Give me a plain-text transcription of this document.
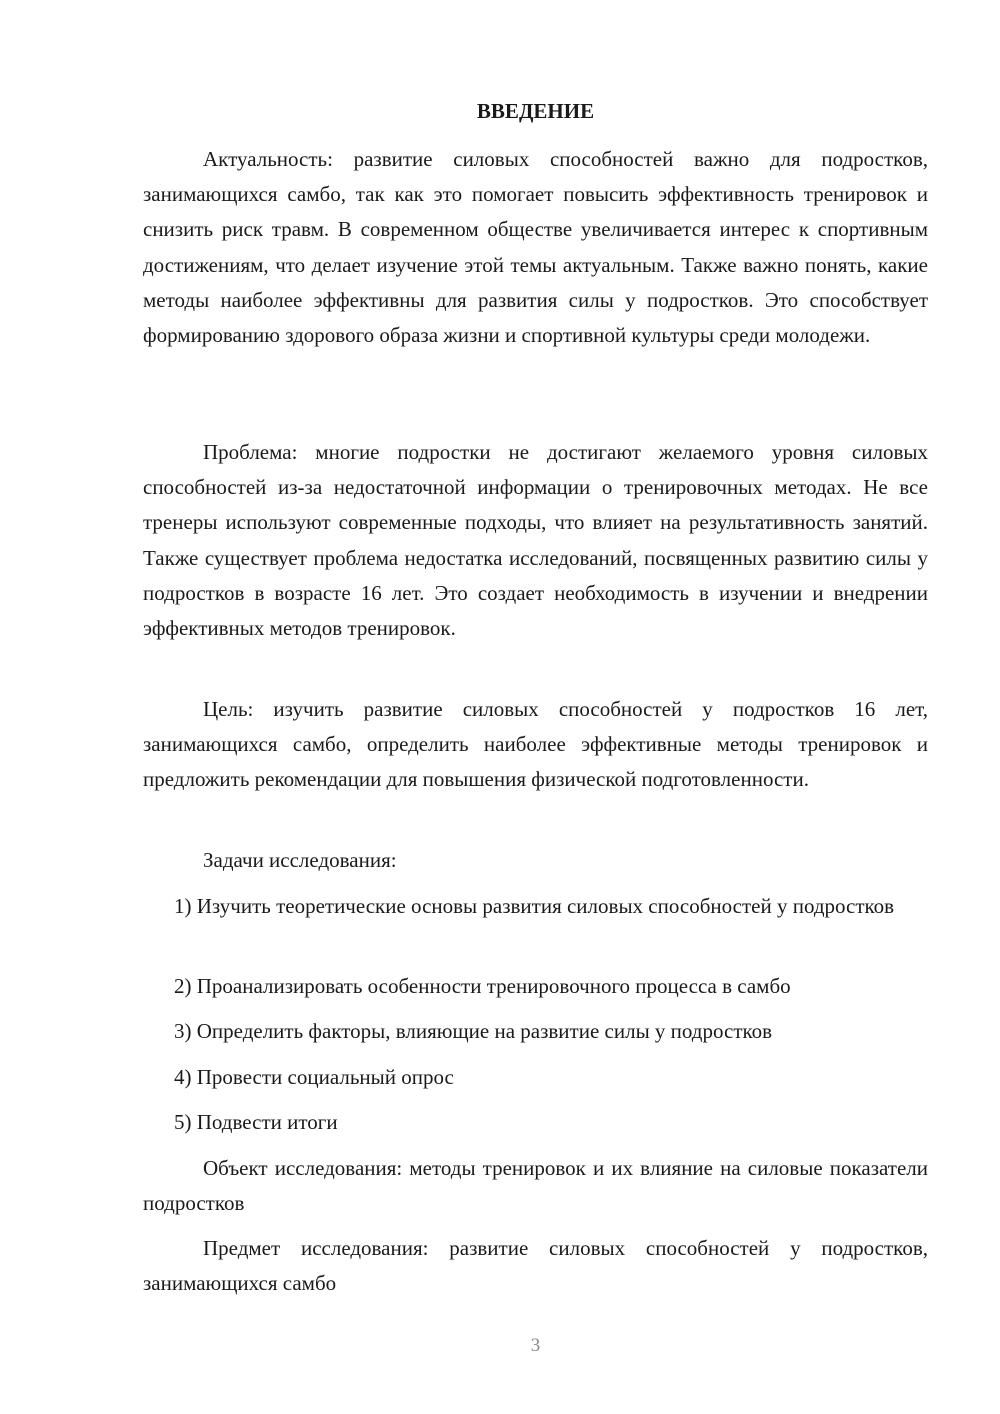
ВВЕДЕНИЕ

Актуальность: развитие силовых способностей важно для подростков, занимающихся самбо, так как это помогает повысить эффективность тренировок и снизить риск травм. В современном обществе увеличивается интерес к спортивным достижениям, что делает изучение этой темы актуальным. Также важно понять, какие методы наиболее эффективны для развития силы у подростков. Это способствует формированию здорового образа жизни и спортивной культуры среди молодежи.

Проблема: многие подростки не достигают желаемого уровня силовых способностей из-за недостаточной информации о тренировочных методах. Не все тренеры используют современные подходы, что влияет на результативность занятий. Также существует проблема недостатка исследований, посвященных развитию силы у подростков в возрасте 16 лет. Это создает необходимость в изучении и внедрении эффективных методов тренировок.

Цель: изучить развитие силовых способностей у подростков 16 лет, занимающихся самбо, определить наиболее эффективные методы тренировок и предложить рекомендации для повышения физической подготовленности.

Задачи исследования:

1) Изучить теоретические основы развития силовых способностей у подростков

2) Проанализировать особенности тренировочного процесса в самбо

3) Определить факторы, влияющие на развитие силы у подростков

4) Провести социальный опрос

5) Подвести итоги

Объект исследования: методы тренировок и их влияние на силовые показатели подростков

Предмет исследования: развитие силовых способностей у подростков, занимающихся самбо

3
